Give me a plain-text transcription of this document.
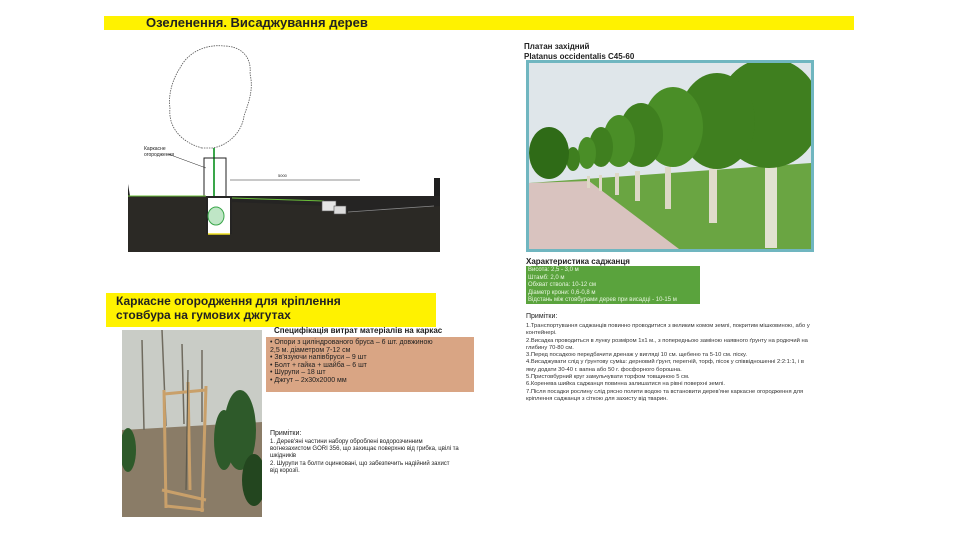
Озеленення. Висаджування дерев
Каркасне
огородження
5000
Каркасне огородження для кріплення
стовбура на гумових джгутах
Платан західний
Platanus occidentalis C45-60
Характеристика саджанця
Висота: 2,5 - 3,0 м
Штамб: 2,0 м
Обхват ствола: 10-12 см
Діаметр крони: 0,6-0,8 м
Відстань між стовбурами дерев при висадці - 10-15 м
Примітки:
1.Транспортування саджанців повинно проводитися з великим комом землі, покритим мішковиною, або у
контейнері.
2.Висадка проводиться в лунку розміром 1х1 м., з попередньою заміною наявного ґрунту на родючий на
глибину 70-80 см.
3.Перед посадкою передбачити дренаж у вигляді 10 см. щебеню та 5-10 см. піску.
4.Висаджувати слід у ґрунтову суміш: дерновий ґрунт, перегній, торф, пісок у співвідношенні 2:2:1:1, і в
яму додати 30-40 г. вапна або 50 г. фосфорного борошна.
5.Пристовбурний круг замульчувати торфом товщиною 5 см.
6.Коренева шийка саджанця повинна залишатися на рівні поверхні землі.
7.Після посадки рослину слід рясно полити водою та встановити дерев'яне каркасне огородження для
кріплення саджанця з сіткою для захисту від тварин.
Специфікація витрат матеріалів на каркас
• Опори з циліндрованого бруса – 6 шт. довжиною
2,5 м. діаметром 7-12 см
• Зв'язуючи напівбруси – 9 шт
• Болт + гайка + шайба – 6 шт
• Шурупи – 18 шт
• Джгут – 2х30х2000 мм
Примітки:
1. Дерев'яні частини набору оброблені водорозчинним
вогнезахистом GORI 356, що захищає поверхню від грибка, цвілі та
шкідників
2. Шурупи та болти оцинковані, що забезпечить надійний захист
від корозії.
